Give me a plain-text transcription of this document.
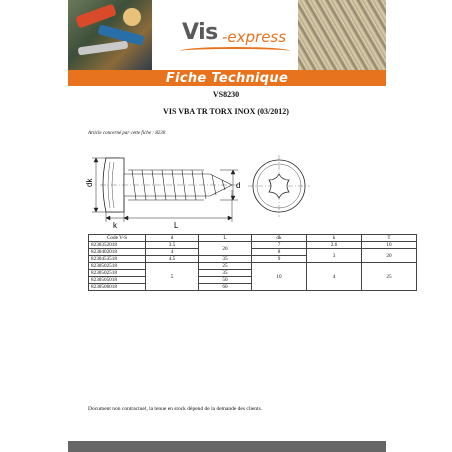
Vis -express
Fiche Technique
VS8230
VIS VBA TR TORX INOX (03/2012)
Article concerné par cette fiche : 8230
dk	d
k	L
Code V-S	d	L	dk	k	T
8230352018	3.5	20	7	2.6	10
8230402018	4		8	3	20
8230453518	4.5	35	9		
8230502518	5	25	10	4	25
8230502518		35			
8230505018		50			
8230506018		60			
Document non contractuel, la tenue en stock dépend de la demande des clients.
